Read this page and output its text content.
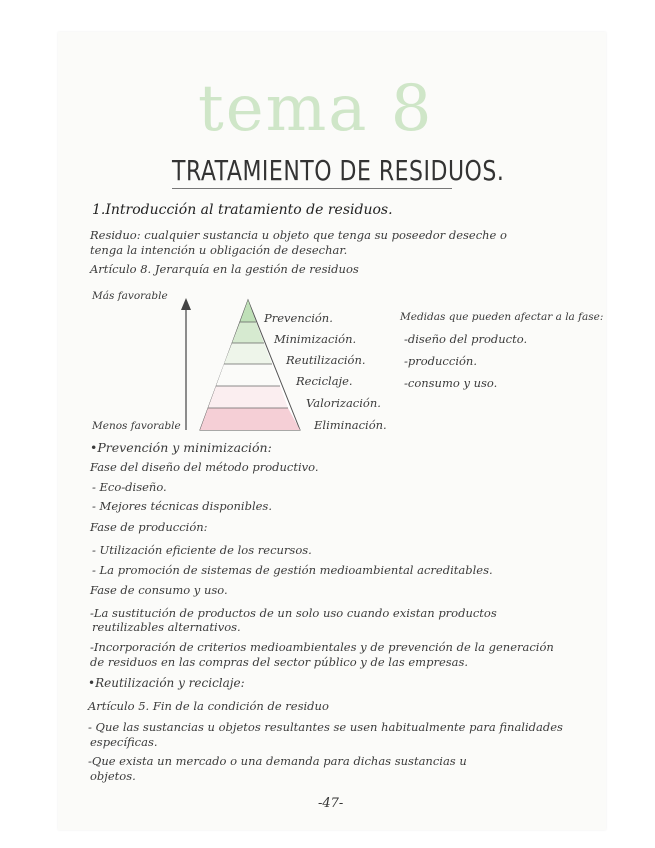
tema 8
TRATAMIENTO DE RESIDUOS.
1.Introducción al tratamiento de residuos.
Residuo: cualquier sustancia u objeto que tenga su poseedor deseche o
tenga la intención u obligación de desechar.
Artículo 8. Jerarquía en la gestión de residuos
Más favorable
Menos favorable
Prevención.
Minimización.
Reutilización.
Reciclaje.
Valorización.
Eliminación.
Medidas que pueden afectar a la fase:
-diseño del producto.
-producción.
-consumo y uso.
•Prevención y minimización:
Fase del diseño del método productivo.
- Eco-diseño.
- Mejores técnicas disponibles.
Fase de producción:
- Utilización eficiente de los recursos.
- La promoción de sistemas de gestión medioambiental acreditables.
Fase de consumo y uso.
-La sustitución de productos de un solo uso cuando existan productos
reutilizables alternativos.
-Incorporación de criterios medioambientales y de prevención de la generación
de residuos en las compras del sector público y de las empresas.
•Reutilización y reciclaje:
Artículo 5. Fin de la condición de residuo
- Que las sustancias u objetos resultantes se usen habitualmente para finalidades
específicas.
-Que exista un mercado o una demanda para dichas sustancias u
objetos.
-47-
